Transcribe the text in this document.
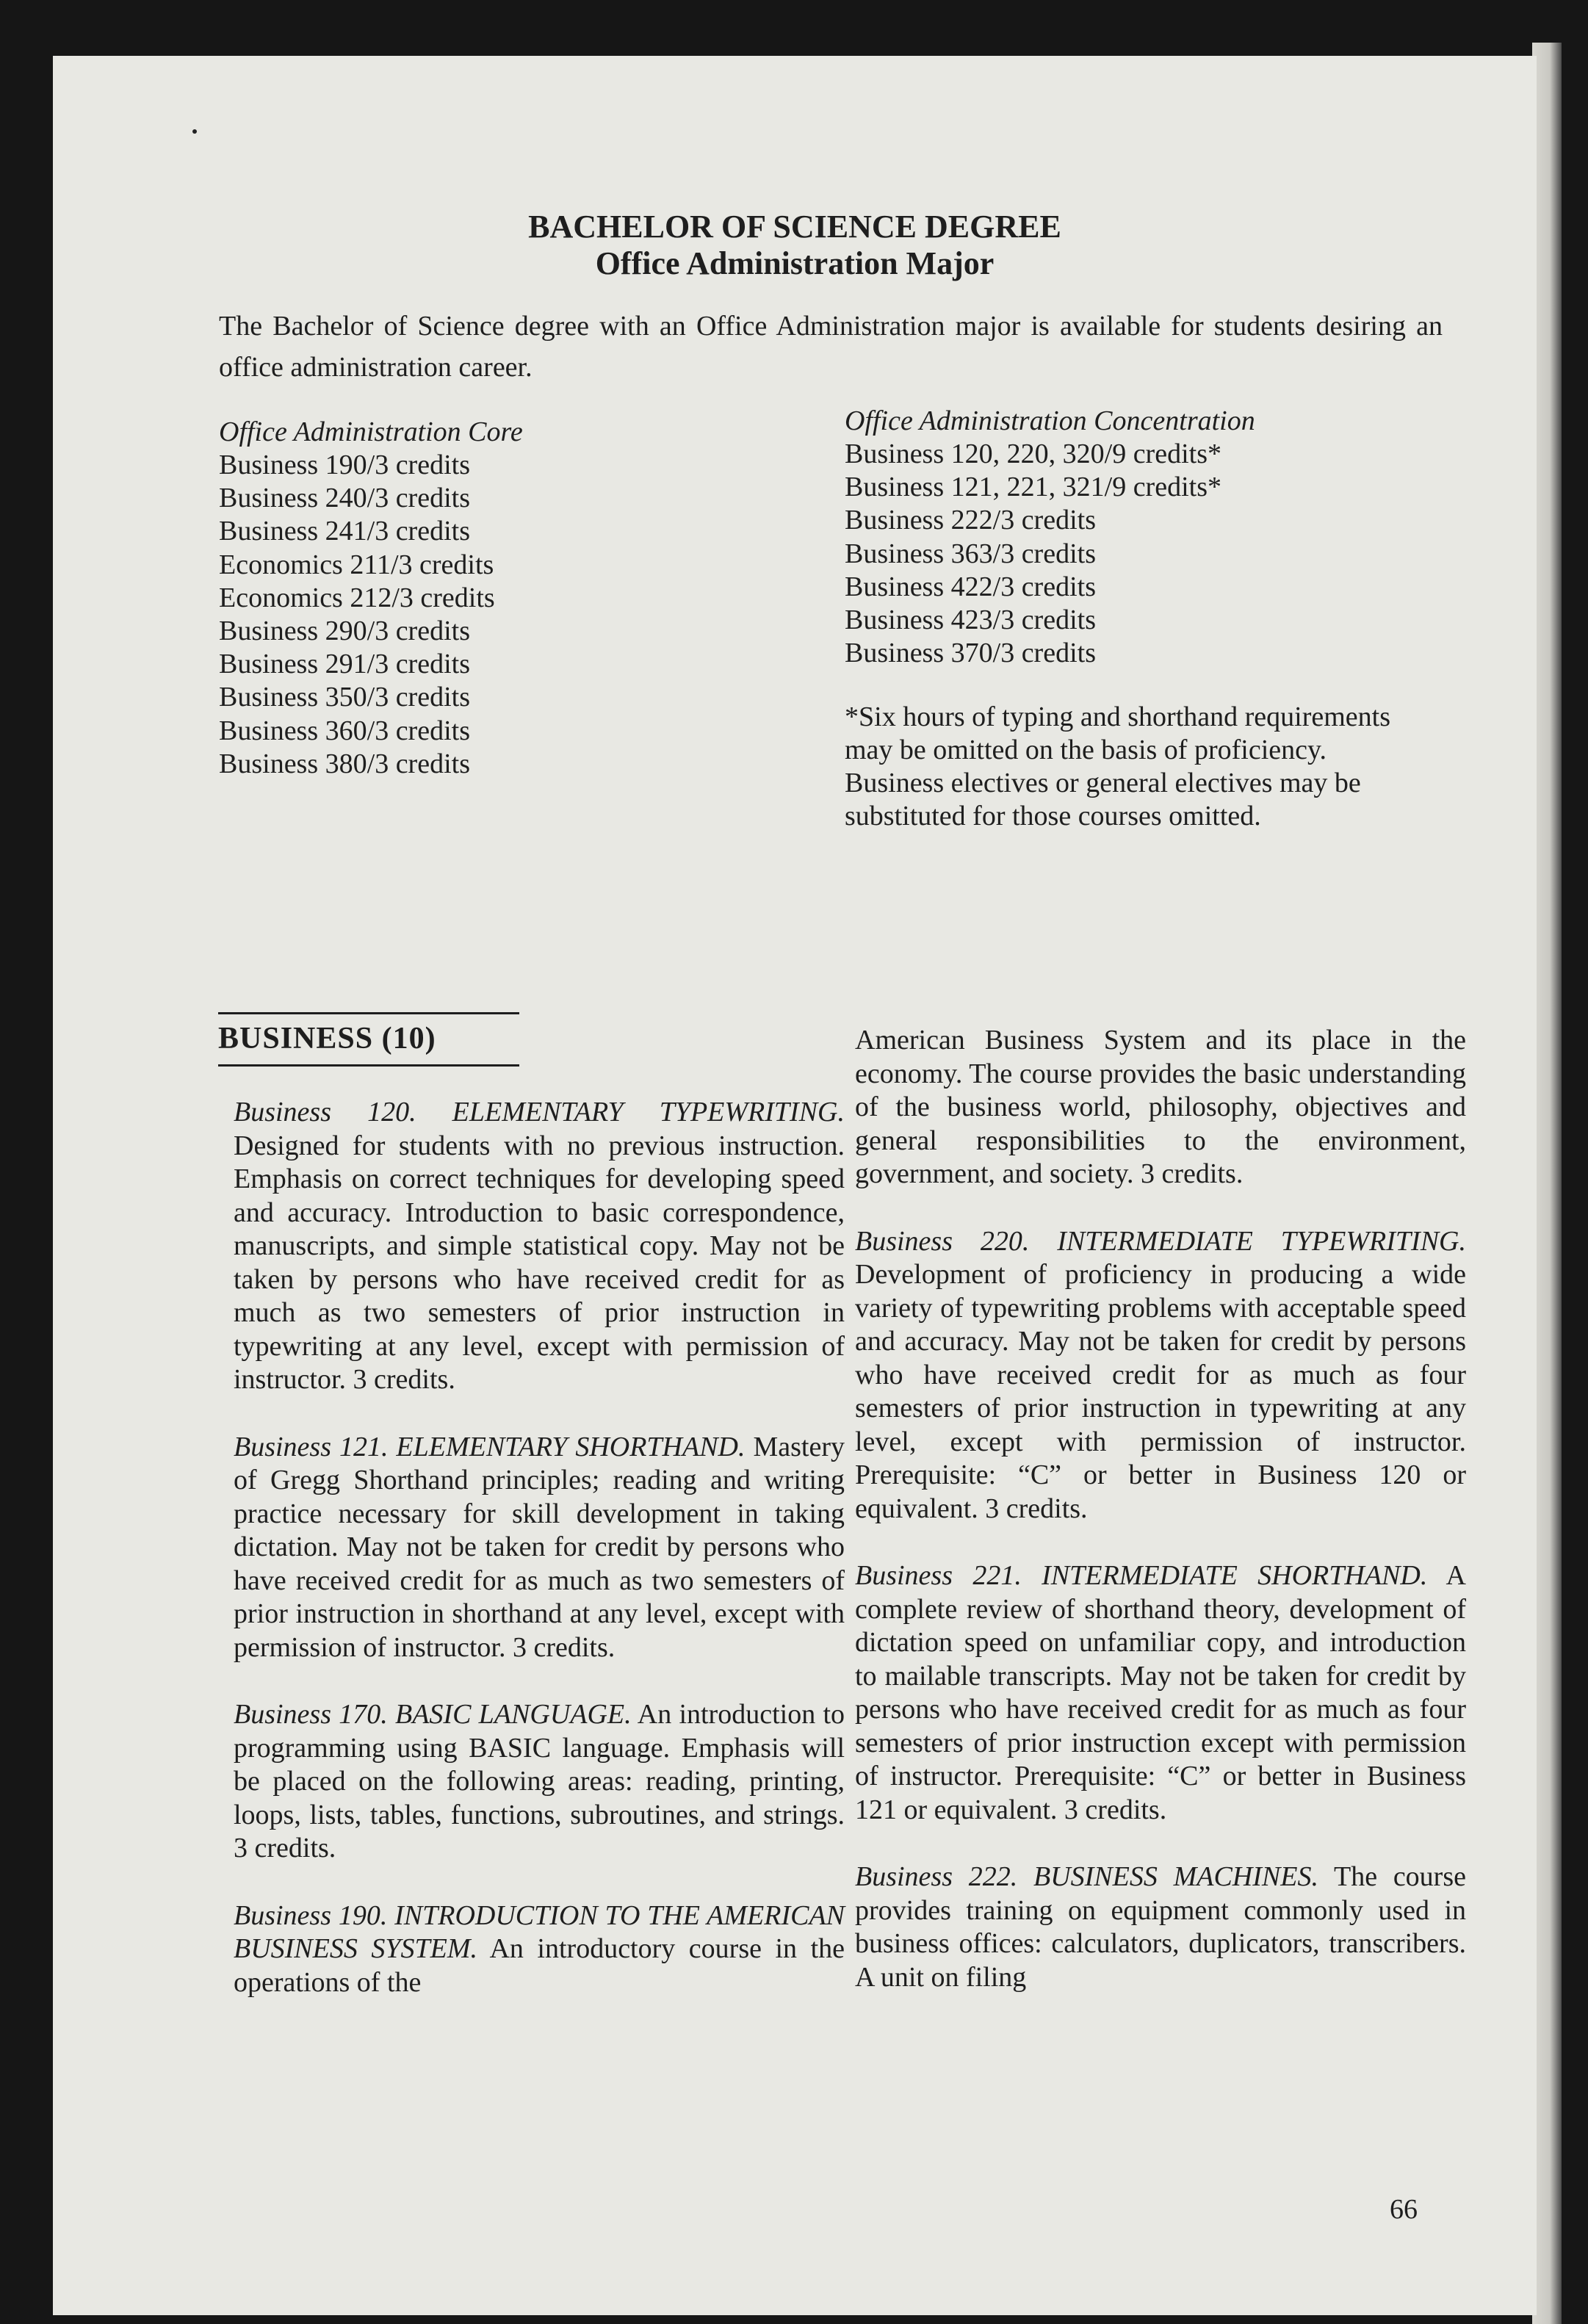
BACHELOR OF SCIENCE DEGREE
Office Administration Major
The Bachelor of Science degree with an Office Administration major is available for students desiring an office administration career.
Office Administration Core
Business 190/3 credits
Business 240/3 credits
Business 241/3 credits
Economics 211/3 credits
Economics 212/3 credits
Business 290/3 credits
Business 291/3 credits
Business 350/3 credits
Business 360/3 credits
Business 380/3 credits
Office Administration Concentration
Business 120, 220, 320/9 credits*
Business 121, 221, 321/9 credits*
Business 222/3 credits
Business 363/3 credits
Business 422/3 credits
Business 423/3 credits
Business 370/3 credits
*Six hours of typing and shorthand requirements may be omitted on the basis of proficiency. Business electives or general electives may be substituted for those courses omitted.
BUSINESS (10)
Business 120. ELEMENTARY TYPEWRITING. Designed for students with no previous instruction. Emphasis on correct techniques for developing speed and accuracy. Introduction to basic correspondence, manuscripts, and simple statistical copy. May not be taken by persons who have received credit for as much as two semesters of prior instruction in typewriting at any level, except with permission of instructor. 3 credits.
Business 121. ELEMENTARY SHORTHAND. Mastery of Gregg Shorthand principles; reading and writing practice necessary for skill development in taking dictation. May not be taken for credit by persons who have received credit for as much as two semesters of prior instruction in shorthand at any level, except with permission of instructor. 3 credits.
Business 170. BASIC LANGUAGE. An introduction to programming using BASIC language. Emphasis will be placed on the following areas: reading, printing, loops, lists, tables, functions, subroutines, and strings. 3 credits.
Business 190. INTRODUCTION TO THE AMERICAN BUSINESS SYSTEM. An introductory course in the operations of the
American Business System and its place in the economy. The course provides the basic understanding of the business world, philosophy, objectives and general responsibilities to the environment, government, and society. 3 credits.
Business 220. INTERMEDIATE TYPEWRITING. Development of proficiency in producing a wide variety of typewriting problems with acceptable speed and accuracy. May not be taken for credit by persons who have received credit for as much as four semesters of prior instruction in typewriting at any level, except with permission of instructor. Prerequisite: “C” or better in Business 120 or equivalent. 3 credits.
Business 221. INTERMEDIATE SHORTHAND. A complete review of shorthand theory, development of dictation speed on unfamiliar copy, and introduction to mailable transcripts. May not be taken for credit by persons who have received credit for as much as four semesters of prior instruction except with permission of instructor. Prerequisite: “C” or better in Business 121 or equivalent. 3 credits.
Business 222. BUSINESS MACHINES. The course provides training on equipment commonly used in business offices: calculators, duplicators, transcribers. A unit on filing
66
